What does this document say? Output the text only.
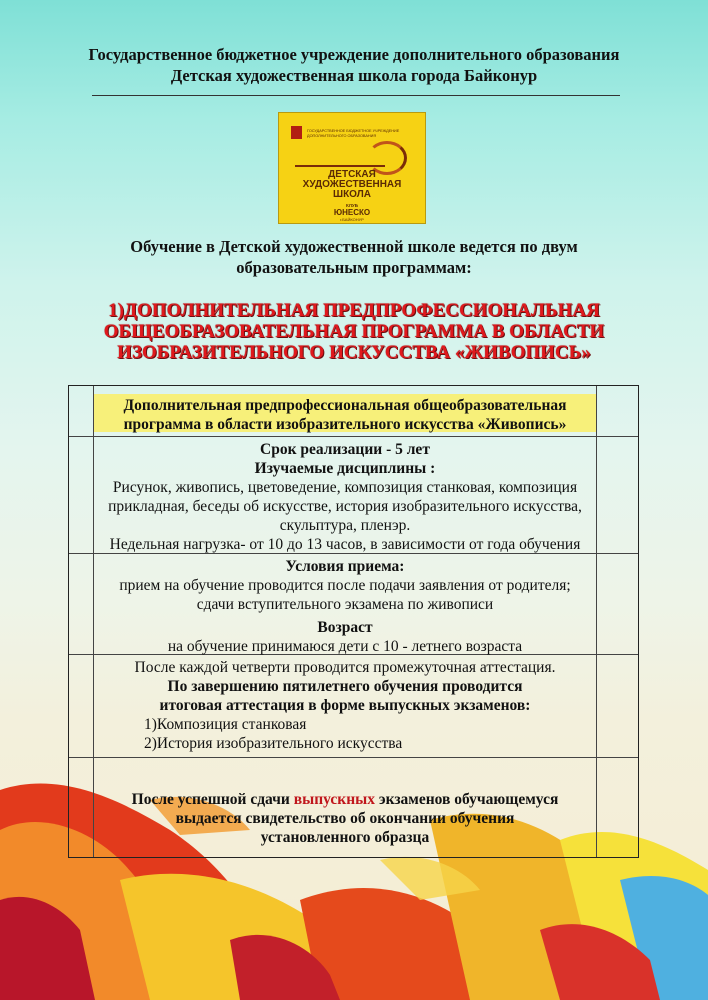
Государственное бюджетное учреждение дополнительного образования

Детская художественная школа города Байконур

ГОСУДАРСТВЕННОЕ БЮДЖЕТНОЕ УЧРЕЖДЕНИЕ ДОПОЛНИТЕЛЬНОГО ОБРАЗОВАНИЯ
ДЕТСКАЯ
ХУДОЖЕСТВЕННАЯ
ШКОЛА
КЛУБ
ЮНЕСКО
г.БАЙКОНУР

Обучение в Детской художественной школе ведется по двум

образовательным программам:

1)ДОПОЛНИТЕЛЬНАЯ ПРЕДПРОФЕССИОНАЛЬНАЯ

ОБЩЕОБРАЗОВАТЕЛЬНАЯ ПРОГРАММА В ОБЛАСТИ

ИЗОБРАЗИТЕЛЬНОГО ИСКУССТВА «ЖИВОПИСЬ»

Дополнительная предпрофессиональная общеобразовательная

программа в области изобразительного искусства «Живопись»

Срок реализации - 5 лет

Изучаемые дисциплины :

Рисунок, живопись, цветоведение, композиция станковая, композиция

прикладная, беседы об искусстве, история изобразительного искусства,

скульптура, пленэр.

Недельная нагрузка- от 10 до 13 часов, в зависимости от года обучения

Условия приема:

прием на обучение проводится после подачи заявления от родителя;

сдачи вступительного экзамена по живописи

Возраст

на обучение принимаюся дети с 10 - летнего возраста

После каждой четверти проводится промежуточная аттестация.

По завершению пятилетнего обучения проводится

итоговая аттестация в форме выпускных экзаменов:

1)Композиция станковая

2)История изобразительного искусства

После успешной сдачи выпускных экзаменов обучающемуся

выдается свидетельство об окончании обучения

установленного образца
